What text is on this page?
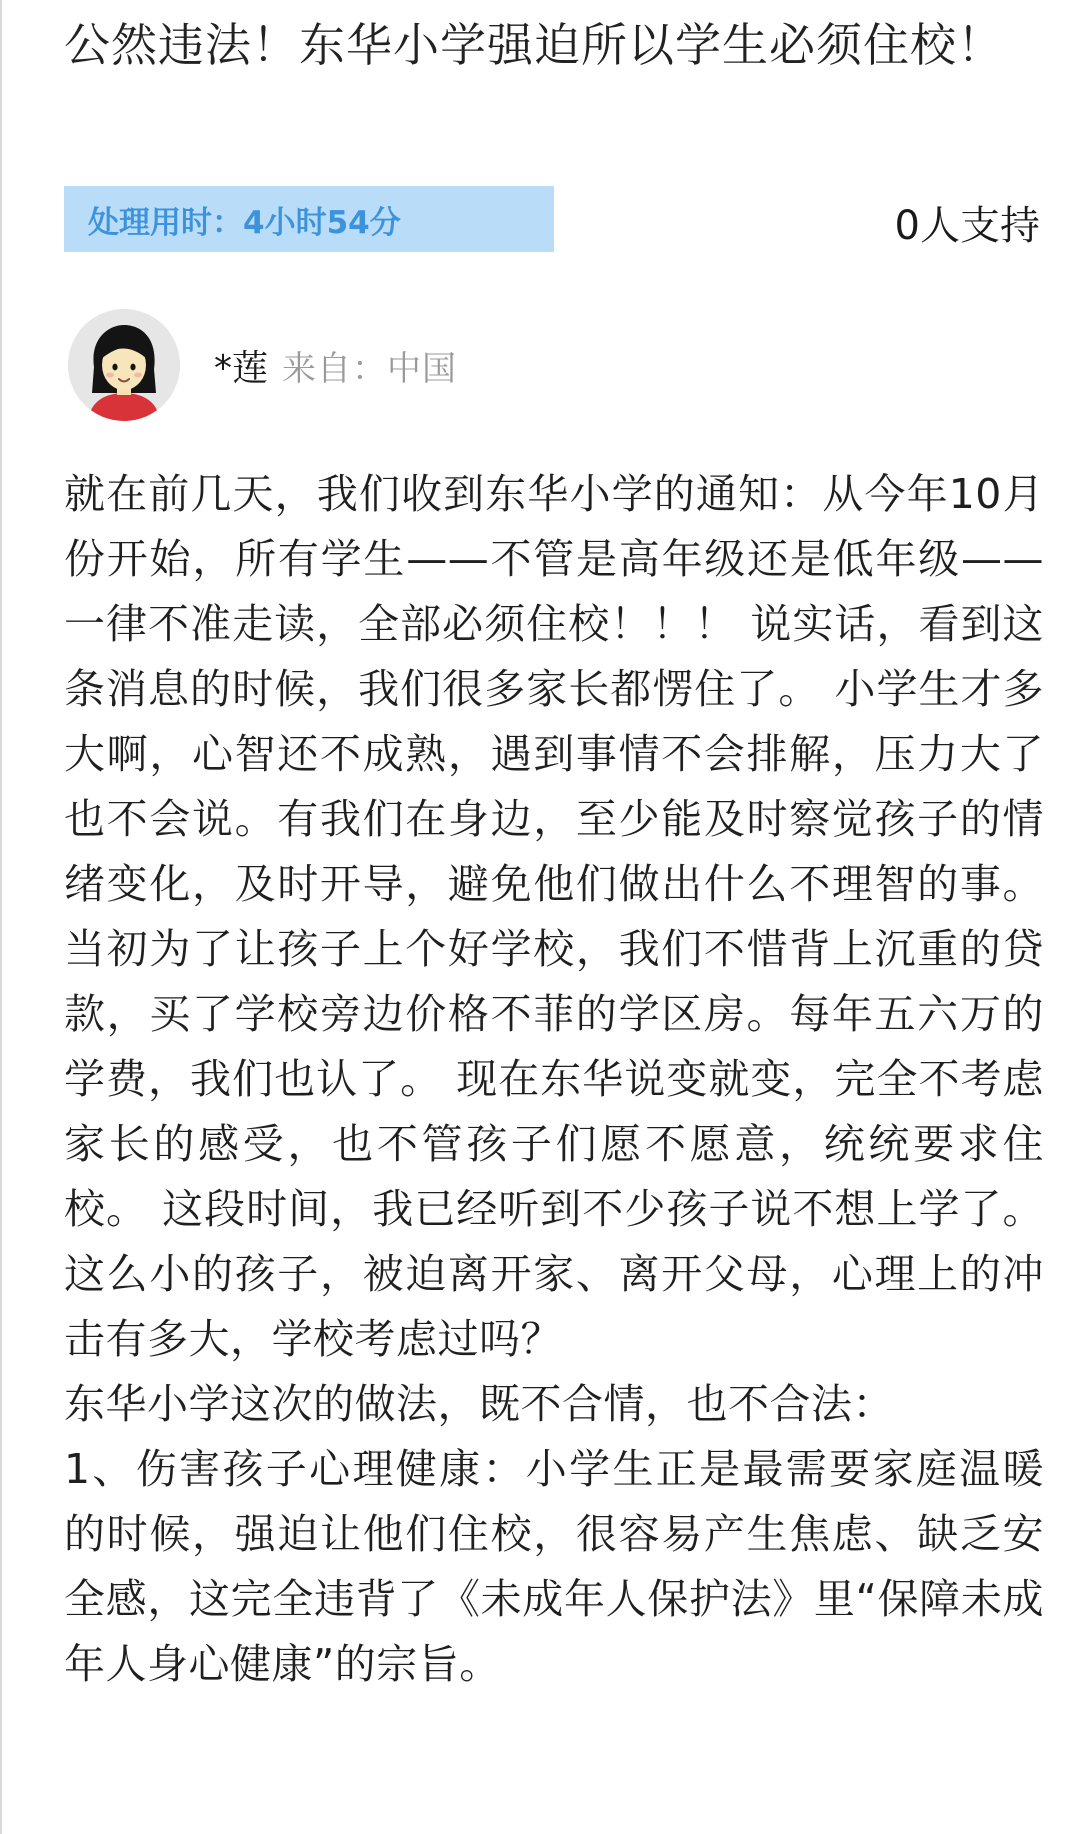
公然违法！东华小学强迫所以学生必须住校！
处理用时： 4小时54分	0人支持
*莲 来自：中国

就在前几天，我们收到东华小学的通知：从今年10月份开始，所有学生——不管是高年级还是低年级——一律不准走读，全部必须住校！！！ 说实话，看到这条消息的时候，我们很多家长都愣住了。 小学生才多大啊，心智还不成熟，遇到事情不会排解，压力大了也不会说。有我们在身边，至少能及时察觉孩子的情绪变化，及时开导，避免他们做出什么不理智的事。 当初为了让孩子上个好学校，我们不惜背上沉重的贷款，买了学校旁边价格不菲的学区房。每年五六万的学费，我们也认了。 现在东华说变就变，完全不考虑家长的感受，也不管孩子们愿不愿意，统统要求住校。 这段时间，我已经听到不少孩子说不想上学了。这么小的孩子，被迫离开家、离开父母，心理上的冲击有多大，学校考虑过吗？

东华小学这次的做法，既不合情，也不合法：

1、伤害孩子心理健康：小学生正是最需要家庭温暖的时候，强迫让他们住校，很容易产生焦虑、缺乏安全感，这完全违背了《未成年人保护法》里“保障未成年人身心健康”的宗旨。
